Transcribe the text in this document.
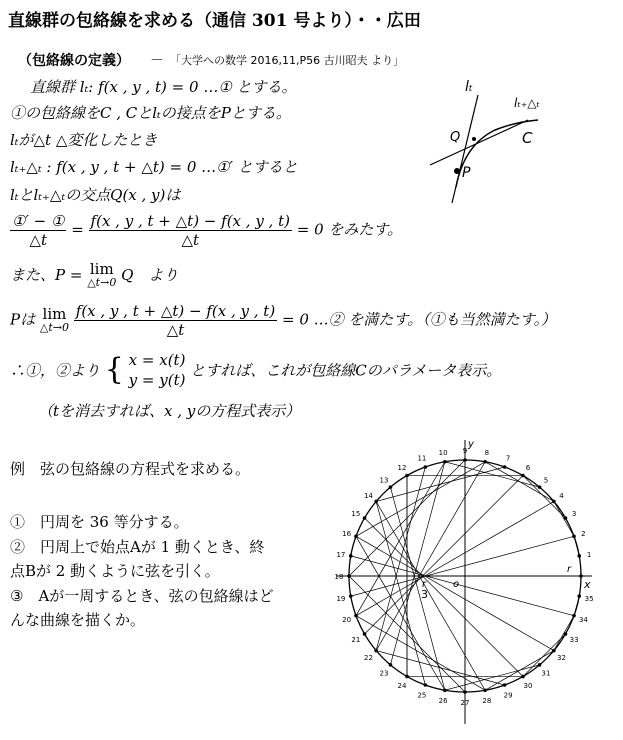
直線群の包絡線を求める（通信 301 号より）・・広田
（包絡線の定義） － 「大学への数学 2016,11,P56 古川昭夫 より」
直線群 lₜ: f(x , y , t) = 0 …① とする。
①の包絡線をC , Cとlₜの接点をPとする。
lₜが△t △変化したとき
lₜ₊△ₜ : f(x , y , t + △t) = 0 …①′ とすると
lₜとlₜ₊△ₜの交点Q(x , y)は
$\frac{\text{①′ − ①}}{\triangle t} = \frac{f(x , y , t + \triangle t) - f(x , y , t)}{\triangle t} = 0$ をみたす。
また、P = lim
△t→0 Q　より
Pは lim
△t→0
$\frac{f(x , y , t + \triangle t) - f(x , y , t)}{\triangle t} = 0$ …② を満たす。（①も当然満たす。）
∴①，②より { x = x(t)
y = y(t)
とすれば、これが包絡線Cのパラメータ表示。
（tを消去すれば、x , yの方程式表示）
例　弦の包絡線の方程式を求める。
①　円周を 36 等分する。
②　円周上で始点Aが 1 動くとき、終
点Bが 2 動くように弦を引く。
③　Aが一周するとき、弦の包絡線はど
んな曲線を描くか。
lₜ
lₜ₊△ₜ
Q	C
P
1
2
3
4
5
6
7
8
9
10
11
12
13
14
15
16
17
18
19
20
21
22
23
24
25
26 27 28
29
30
31
32
33
34
35
y
x
o
r
r
3
